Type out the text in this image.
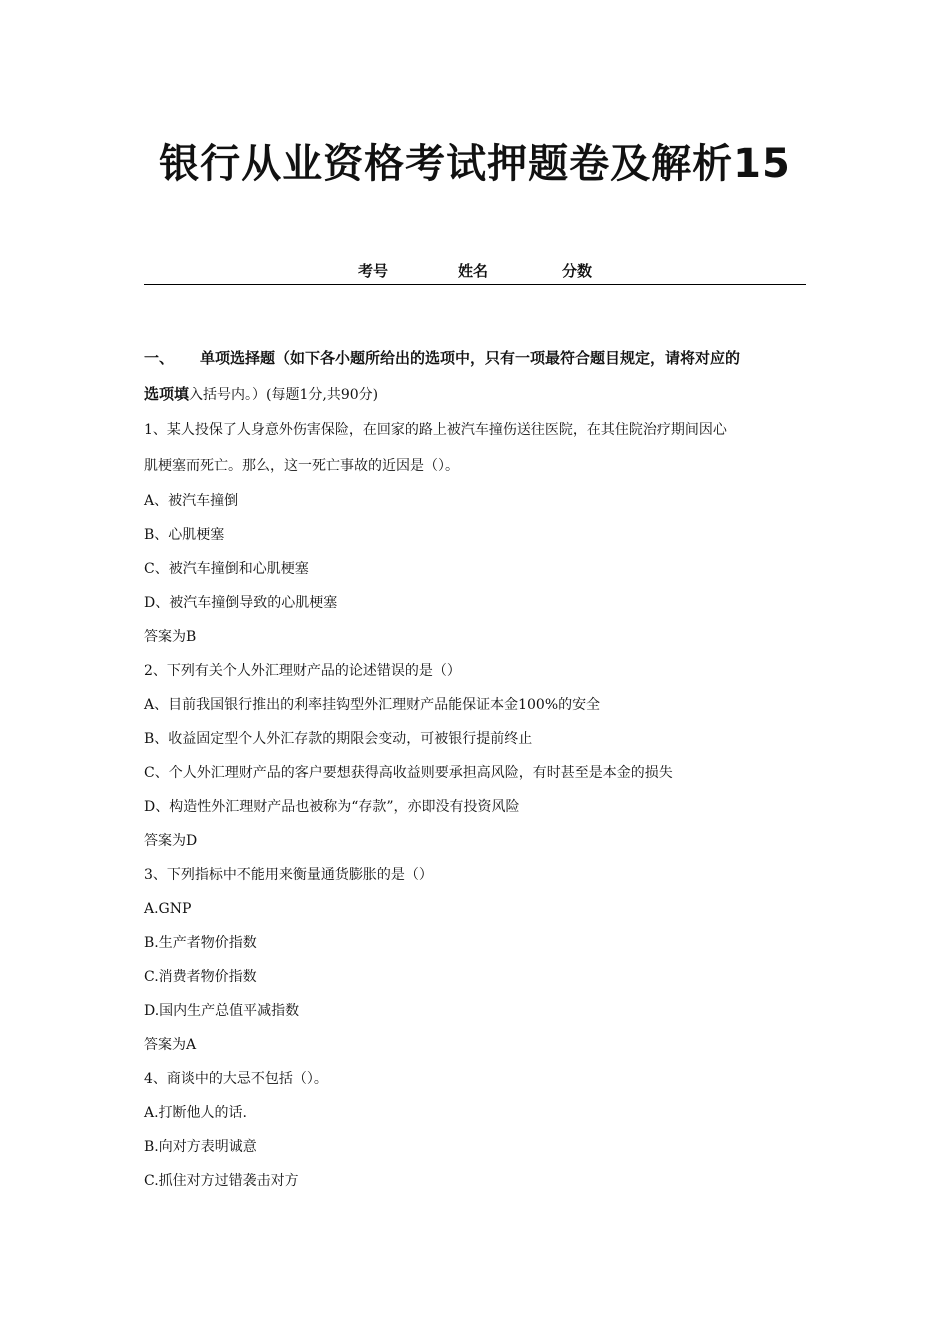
银行从业资格考试押题卷及解析15
考号	姓名	分数
一、 单项选择题（如下各小题所给出的选项中，只有一项最符合题目规定，请将对应的
选项填入括号内。）(每题1分,共90分)
1、某人投保了人身意外伤害保险，在回家的路上被汽车撞伤送往医院，在其住院治疗期间因心
肌梗塞而死亡。那么，这一死亡事故的近因是（）。
A、被汽车撞倒
B、心肌梗塞
C、被汽车撞倒和心肌梗塞
D、被汽车撞倒导致的心肌梗塞
答案为B
2、下列有关个人外汇理财产品的论述错误的是（）
A、目前我国银行推出的利率挂钩型外汇理财产品能保证本金100%的安全
B、收益固定型个人外汇存款的期限会变动，可被银行提前终止
C、个人外汇理财产品的客户要想获得高收益则要承担高风险，有时甚至是本金的损失
D、构造性外汇理财产品也被称为“存款”，亦即没有投资风险
答案为D
3、下列指标中不能用来衡量通货膨胀的是（）
A.GNP
B.生产者物价指数
C.消费者物价指数
D.国内生产总值平减指数
答案为A
4、商谈中的大忌不包括（）。
A.打断他人的话.
B.向对方表明诚意
C.抓住对方过错袭击对方
